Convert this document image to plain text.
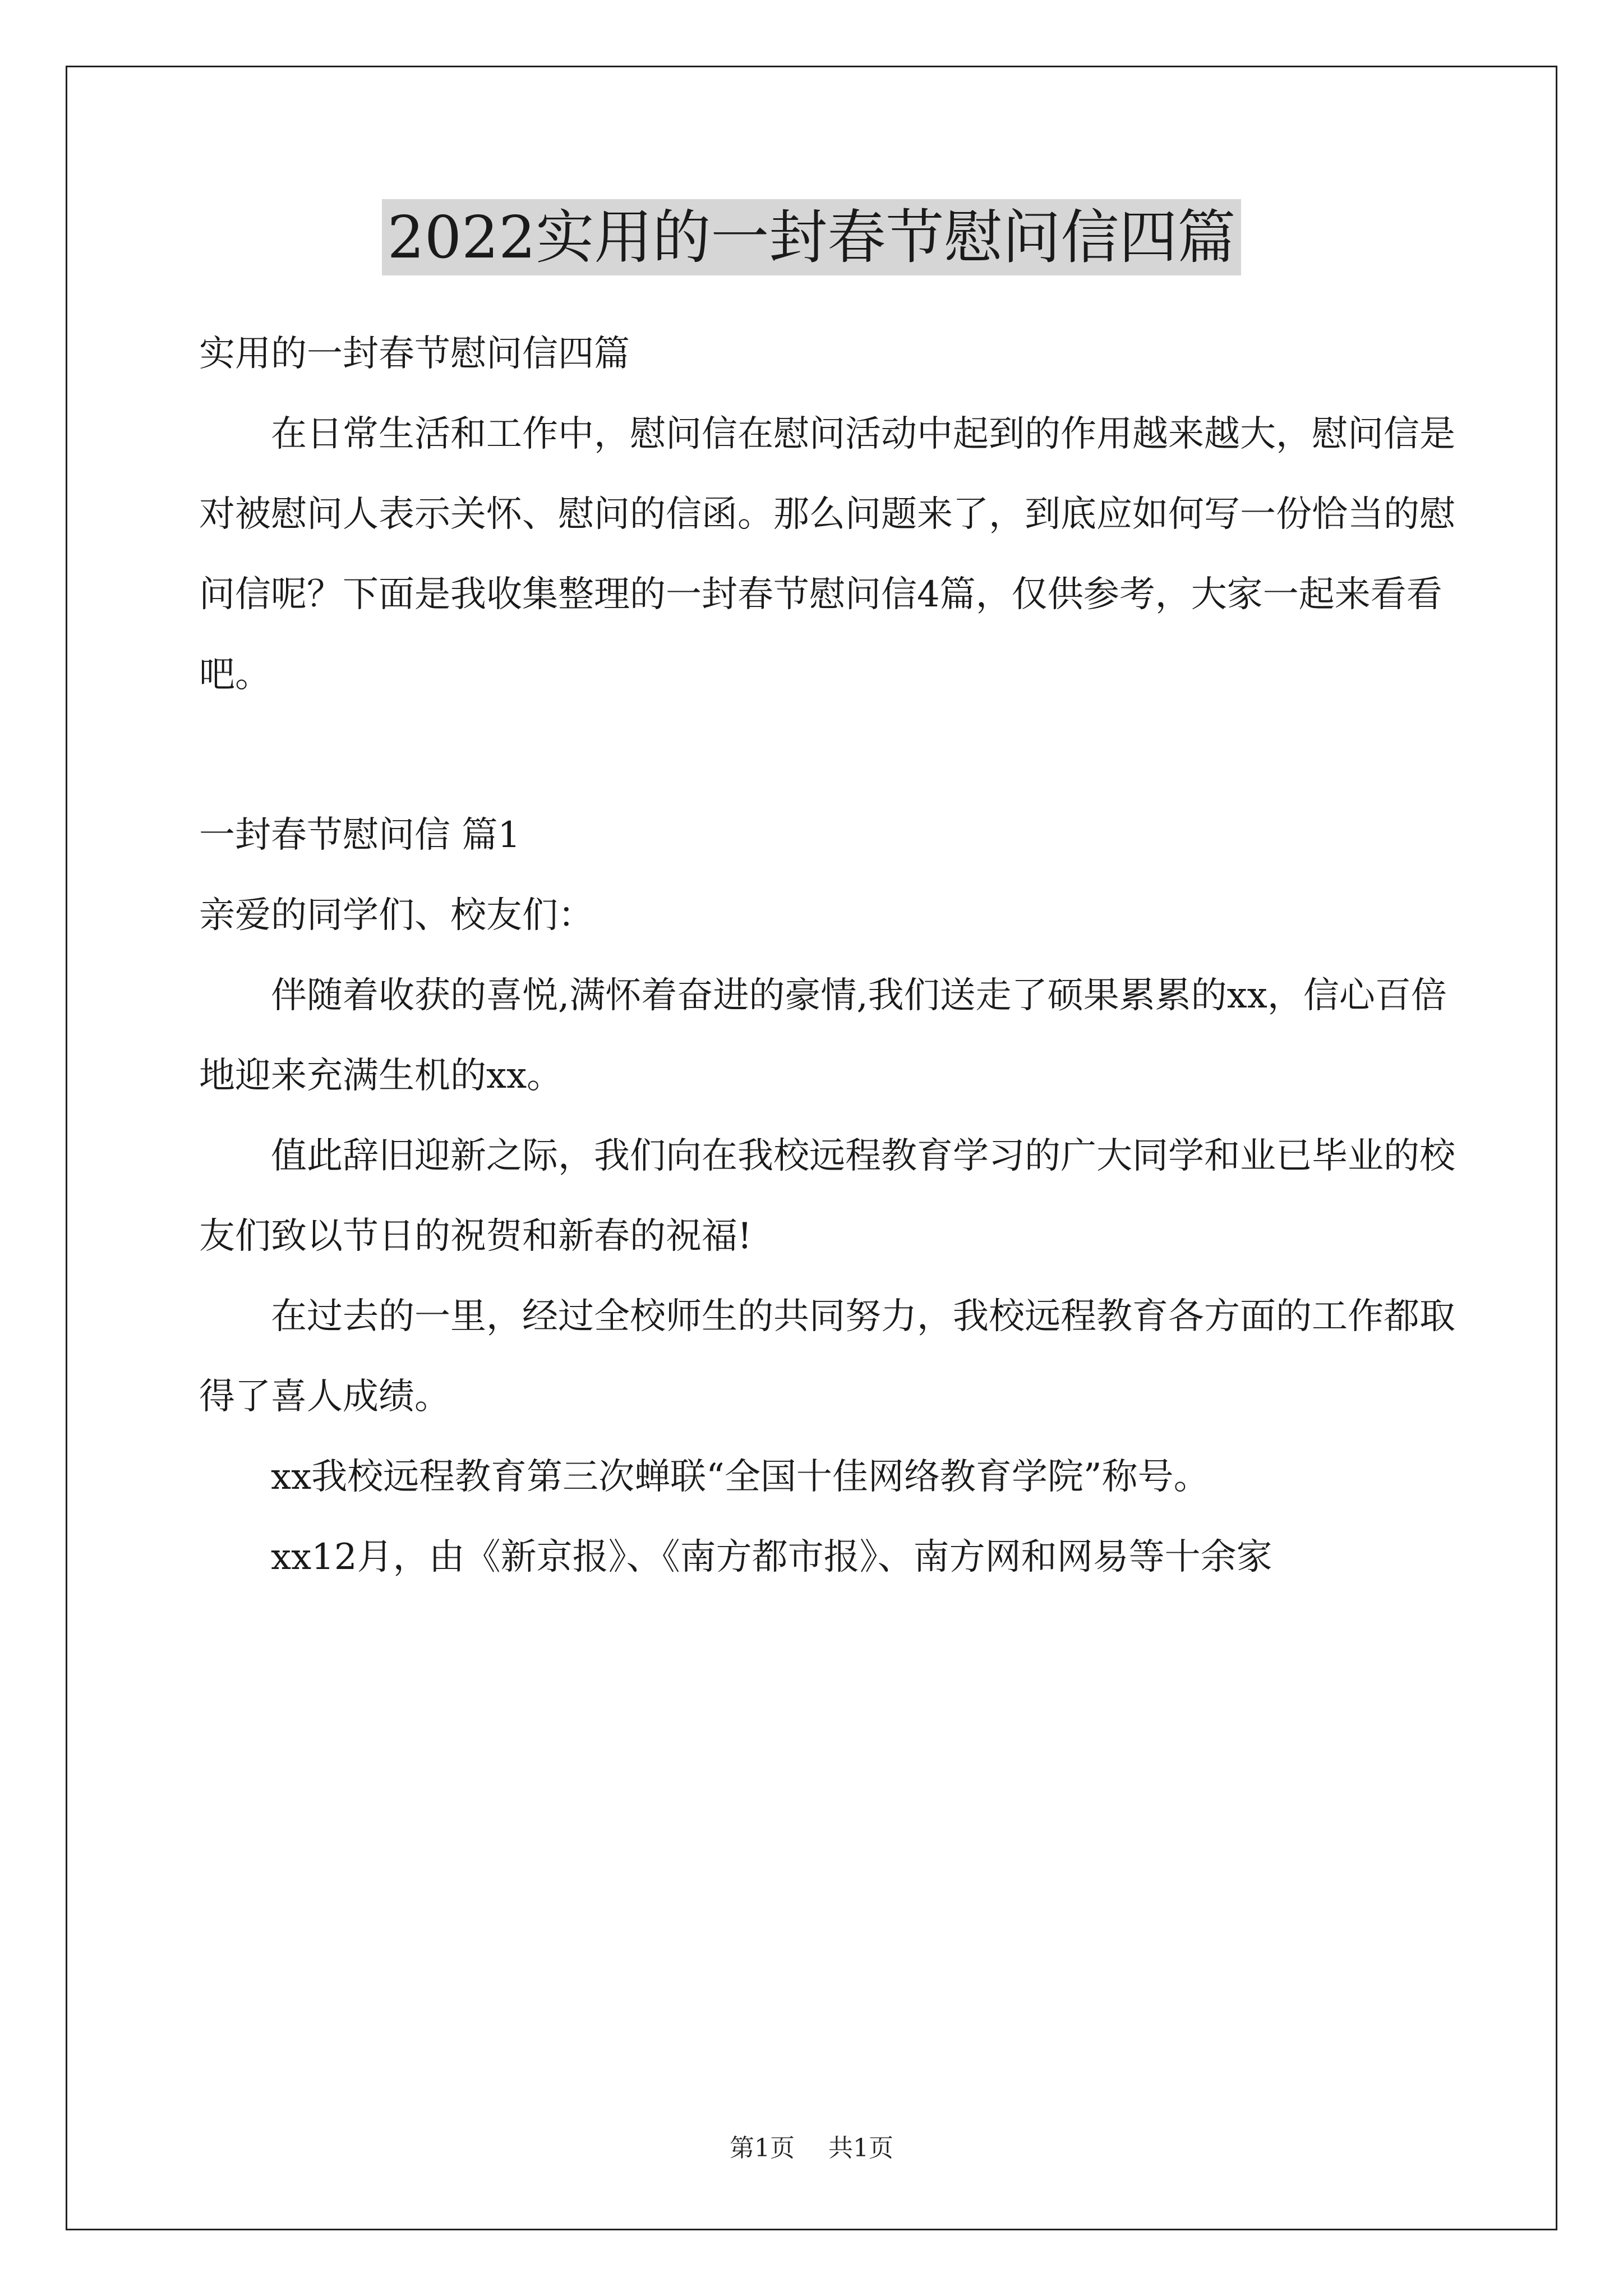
2022实用的一封春节慰问信四篇

实用的一封春节慰问信四篇

在日常生活和工作中，慰问信在慰问活动中起到的作用越来越大，慰问信是对被慰问人表示关怀、慰问的信函。那么问题来了，到底应如何写一份恰当的慰问信呢？下面是我收集整理的一封春节慰问信4篇，仅供参考，大家一起来看看吧。

一封春节慰问信 篇1

亲爱的同学们、校友们：

伴随着收获的喜悦,满怀着奋进的豪情,我们送走了硕果累累的xx，信心百倍地迎来充满生机的xx。

值此辞旧迎新之际，我们向在我校远程教育学习的广大同学和业已毕业的校友们致以节日的祝贺和新春的祝福!

在过去的一里，经过全校师生的共同努力，我校远程教育各方面的工作都取得了喜人成绩。

xx我校远程教育第三次蝉联“全国十佳网络教育学院”称号。

xx12月，由《新京报》、《南方都市报》、南方网和网易等十余家

第1页 共1页
